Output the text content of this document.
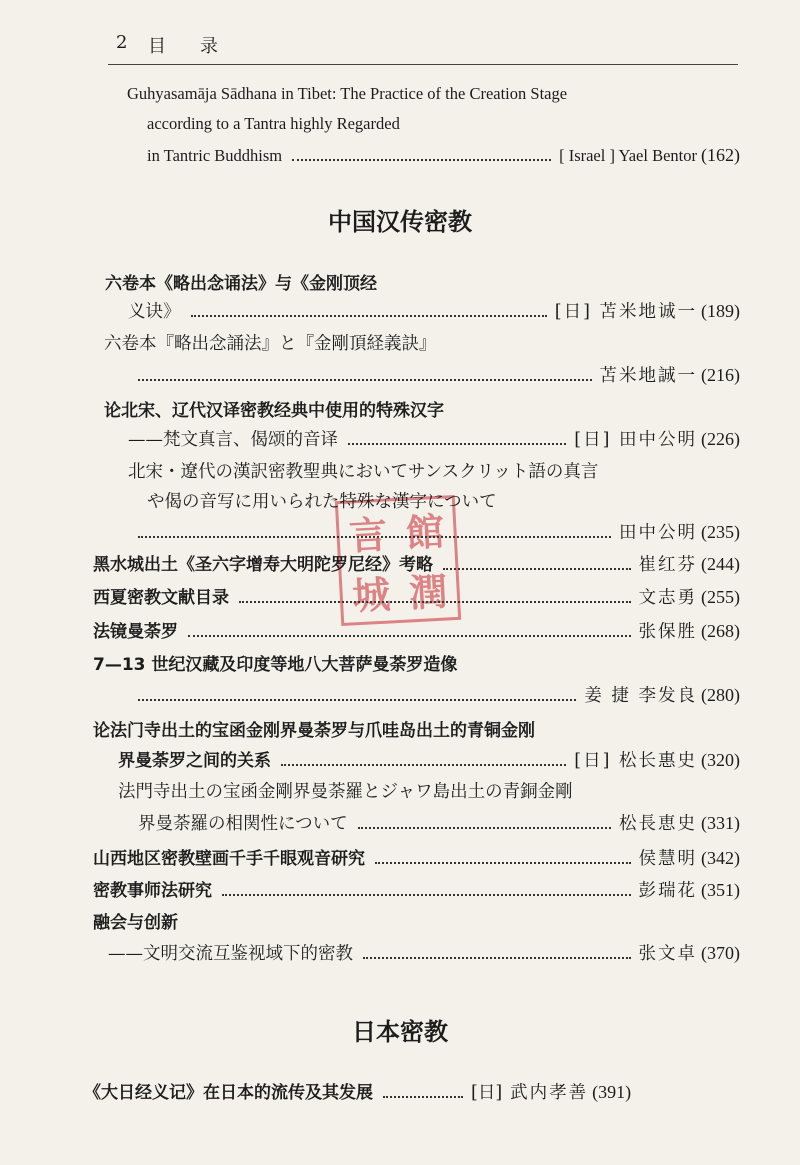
2 目 录
Guhyasamāja Sādhana in Tibet: The Practice of the Creation Stage
according to a Tantra highly Regarded
in Tantric Buddhism	[ Israel ] Yael Bentor (162)
中国汉传密教
言 館
城 潤
六卷本《略出念诵法》与《金刚顶经
义诀》	[日] 苫米地诚一 (189)
六卷本『略出念誦法』と『金剛頂経義訣』
苫米地誠一 (216)
论北宋、辽代汉译密教经典中使用的特殊汉字
——梵文真言、偈颂的音译	[日] 田中公明 (226)
北宋・遼代の漢訳密教聖典においてサンスクリット語の真言
や偈の音写に用いられた特殊な漢字について
田中公明 (235)
黑水城出土《圣六字增寿大明陀罗尼经》考略	崔红芬 (244)
西夏密教文献目录	文志勇 (255)
法镜曼荼罗	张保胜 (268)
7—13 世纪汉藏及印度等地八大菩萨曼荼罗造像
姜 捷 李发良 (280)
论法门寺出土的宝函金刚界曼荼罗与爪哇岛出土的青铜金刚
界曼荼罗之间的关系	[日] 松长惠史 (320)
法門寺出土の宝函金剛界曼荼羅とジャワ島出土の青銅金剛
界曼荼羅の相関性について	松長恵史 (331)
山西地区密教壁画千手千眼观音研究	侯慧明 (342)
密教事师法研究	彭瑞花 (351)
融会与创新
——文明交流互鉴视域下的密教	张文卓 (370)
日本密教
《大日经义记》在日本的流传及其发展	[日] 武内孝善 (391)
